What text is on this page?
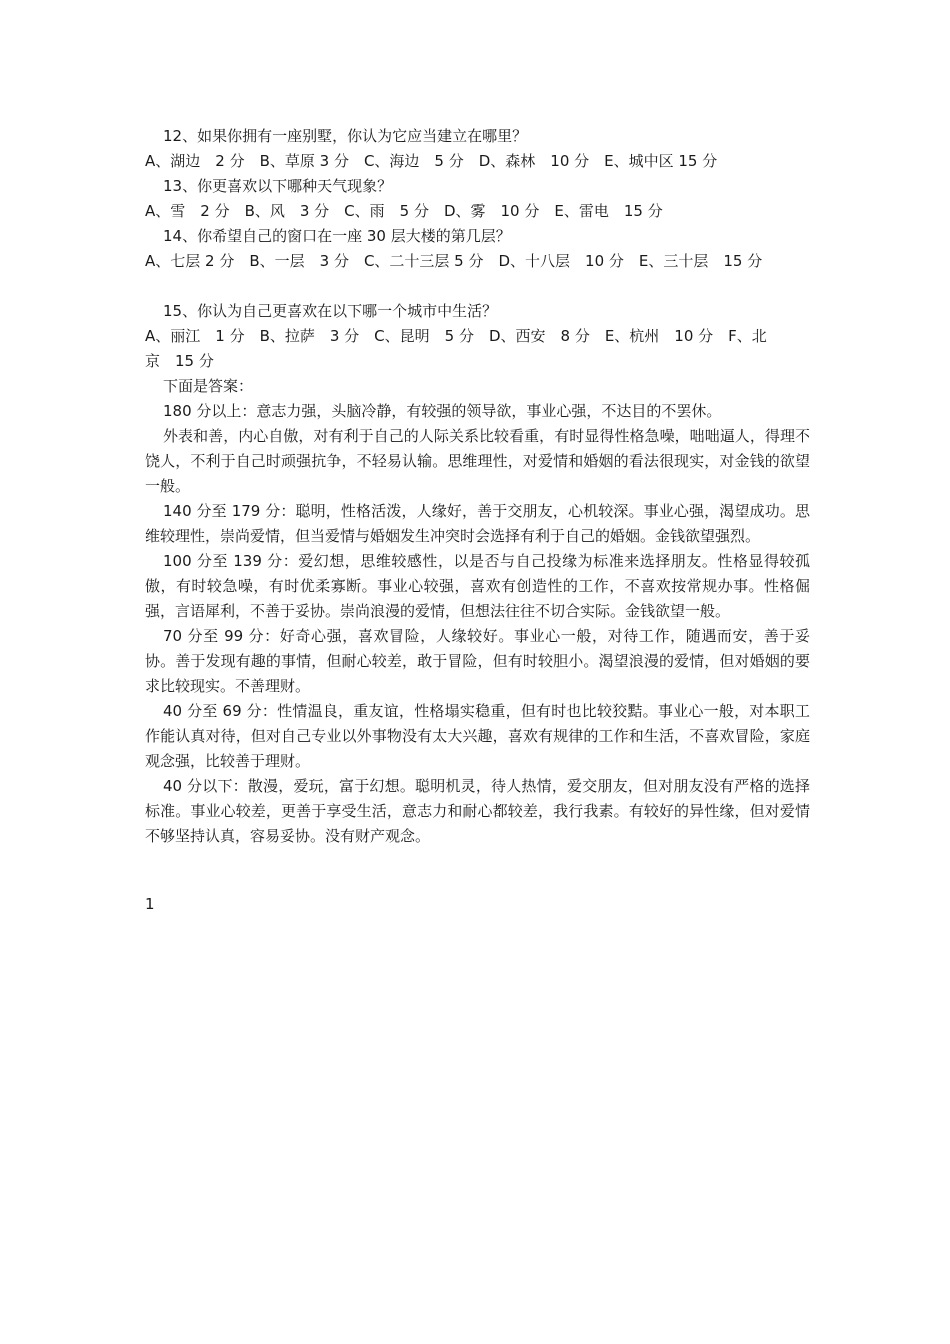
12、如果你拥有一座别墅，你认为它应当建立在哪里？

A、湖边　2 分　B、草原 3 分　C、海边　5 分　D、森林　10 分　E、城中区 15 分

13、你更喜欢以下哪种天气现象？

A、雪　2 分　B、风　3 分　C、雨　5 分　D、雾　10 分　E、雷电　15 分

14、你希望自己的窗口在一座 30 层大楼的第几层？

A、七层 2 分　B、一层　3 分　C、二十三层 5 分　D、十八层　10 分　E、三十层　15 分

15、你认为自己更喜欢在以下哪一个城市中生活？

A、丽江　1 分　B、拉萨　3 分　C、昆明　5 分　D、西安　8 分　E、杭州　10 分　F、北

京　15 分

下面是答案：

180 分以上：意志力强，头脑冷静，有较强的领导欲，事业心强，不达目的不罢休。

外表和善，内心自傲，对有利于自己的人际关系比较看重，有时显得性格急噪，咄咄逼人，得理不饶人，不利于自己时顽强抗争，不轻易认输。思维理性，对爱情和婚姻的看法很现实，对金钱的欲望一般。

140 分至 179 分：聪明，性格活泼，人缘好，善于交朋友，心机较深。事业心强，渴望成功。思维较理性，崇尚爱情，但当爱情与婚姻发生冲突时会选择有利于自己的婚姻。金钱欲望强烈。

100 分至 139 分：爱幻想，思维较感性，以是否与自己投缘为标准来选择朋友。性格显得较孤傲，有时较急噪，有时优柔寡断。事业心较强，喜欢有创造性的工作，不喜欢按常规办事。性格倔强，言语犀利，不善于妥协。崇尚浪漫的爱情，但想法往往不切合实际。金钱欲望一般。

70 分至 99 分：好奇心强，喜欢冒险，人缘较好。事业心一般，对待工作，随遇而安，善于妥协。善于发现有趣的事情，但耐心较差，敢于冒险，但有时较胆小。渴望浪漫的爱情，但对婚姻的要求比较现实。不善理财。

40 分至 69 分：性情温良，重友谊，性格塌实稳重，但有时也比较狡黠。事业心一般，对本职工作能认真对待，但对自己专业以外事物没有太大兴趣，喜欢有规律的工作和生活，不喜欢冒险，家庭观念强，比较善于理财。

40 分以下：散漫，爱玩，富于幻想。聪明机灵，待人热情，爱交朋友，但对朋友没有严格的选择标准。事业心较差，更善于享受生活，意志力和耐心都较差，我行我素。有较好的异性缘，但对爱情不够坚持认真，容易妥协。没有财产观念。

1
